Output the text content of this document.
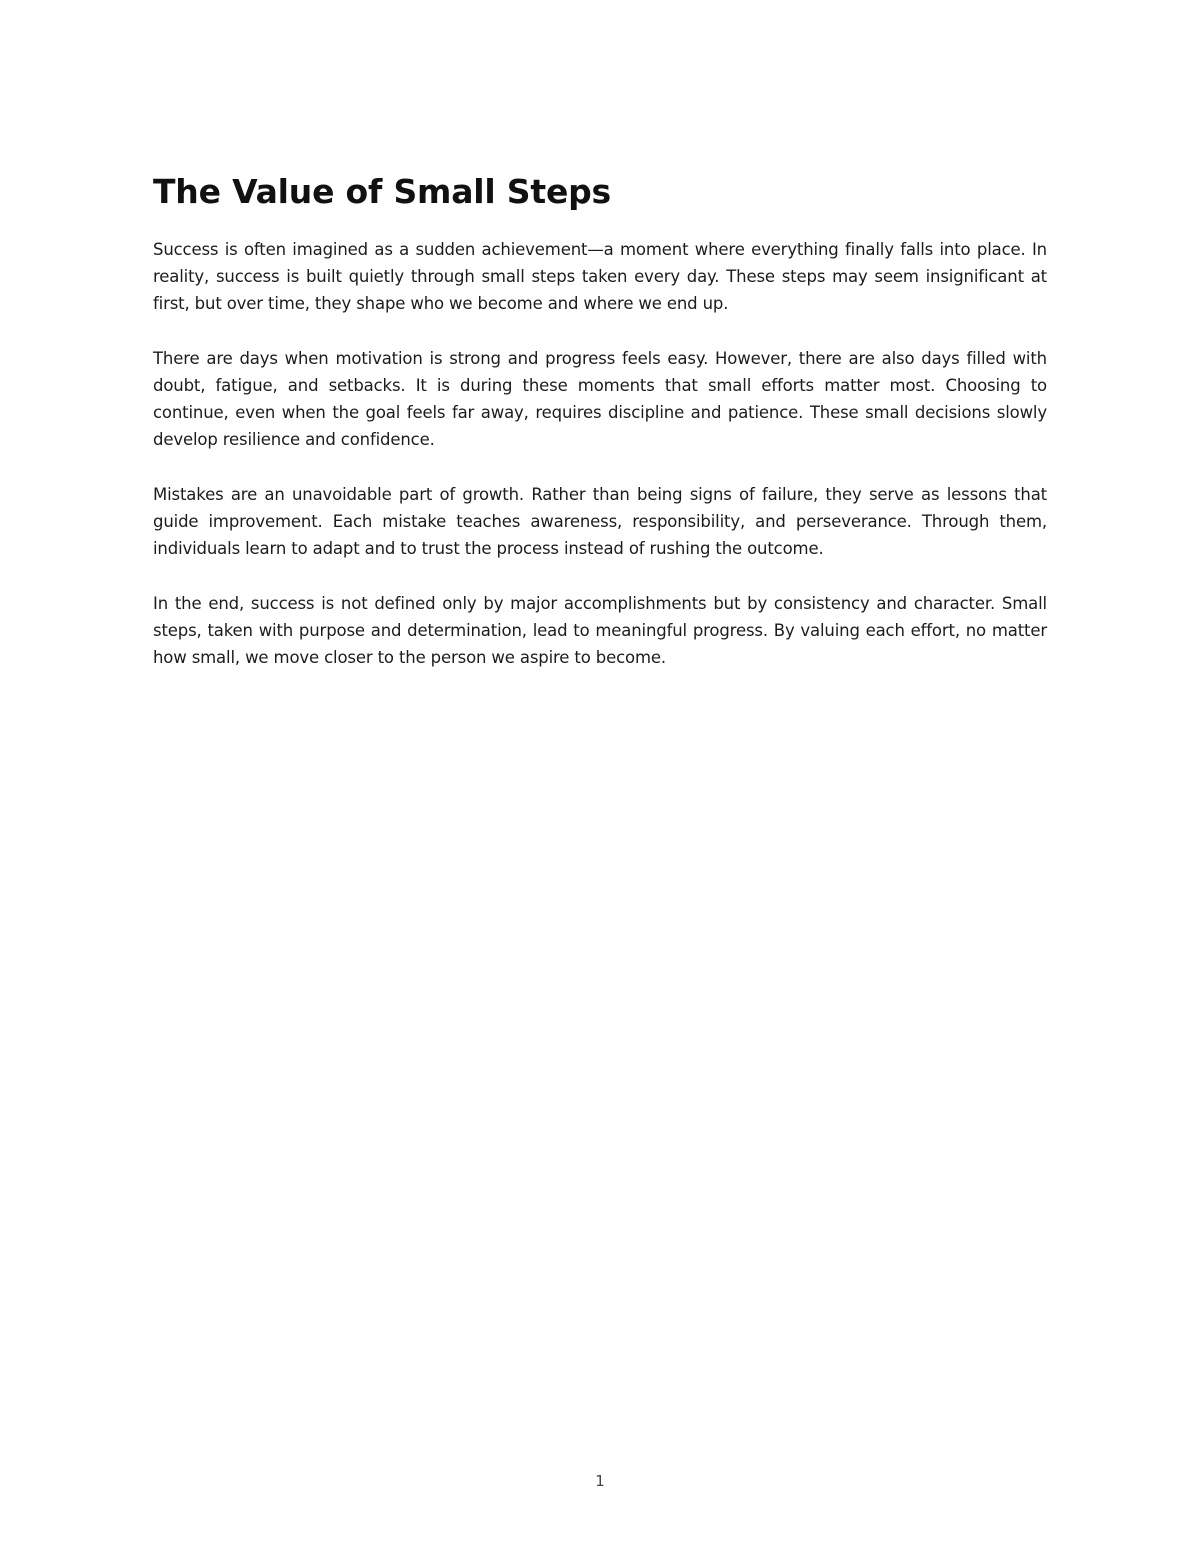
The Value of Small Steps

Success is often imagined as a sudden achievement—a moment where everything finally falls into place. In reality, success is built quietly through small steps taken every day. These steps may seem insignificant at first, but over time, they shape who we become and where we end up.

There are days when motivation is strong and progress feels easy. However, there are also days filled with doubt, fatigue, and setbacks. It is during these moments that small efforts matter most. Choosing to continue, even when the goal feels far away, requires discipline and patience. These small decisions slowly develop resilience and confidence.

Mistakes are an unavoidable part of growth. Rather than being signs of failure, they serve as lessons that guide improvement. Each mistake teaches awareness, responsibility, and perseverance. Through them, individuals learn to adapt and to trust the process instead of rushing the outcome.

In the end, success is not defined only by major accomplishments but by consistency and character. Small steps, taken with purpose and determination, lead to meaningful progress. By valuing each effort, no matter how small, we move closer to the person we aspire to become.

1
